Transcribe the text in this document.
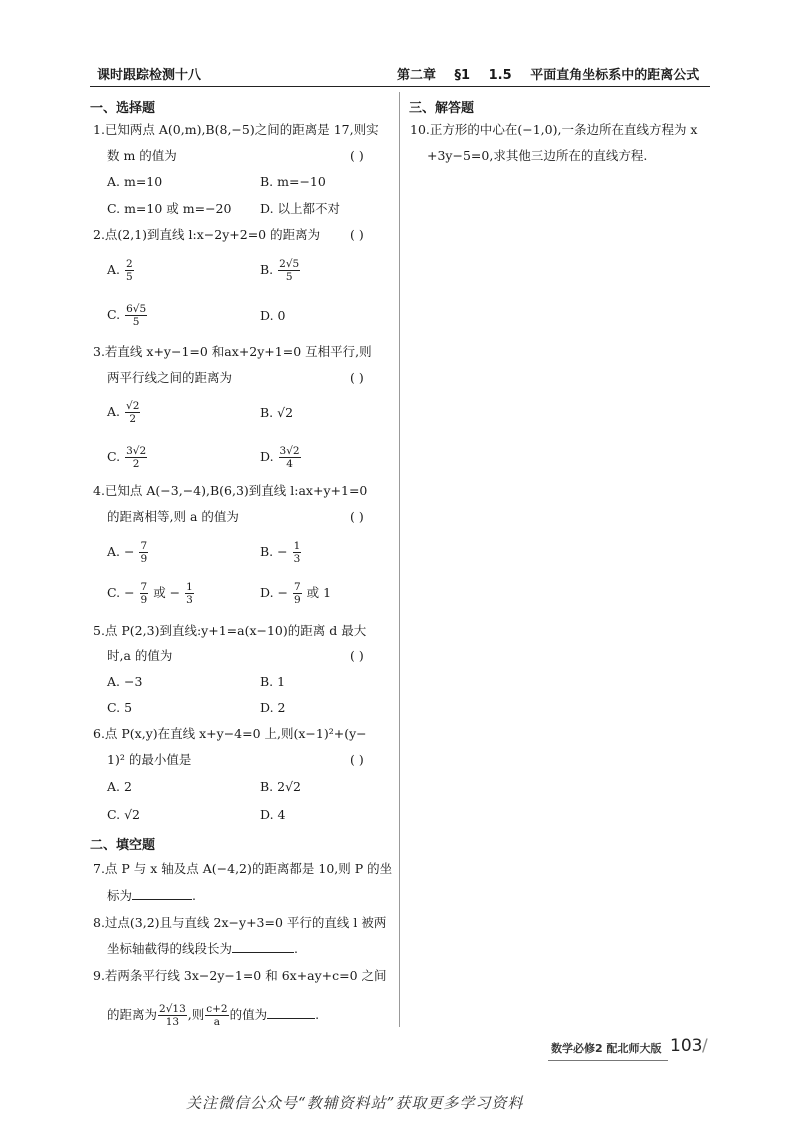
课时跟踪检测十八	第二章 §1 1.5 平面直角坐标系中的距离公式
一、选择题
1.已知两点 A(0,m),B(8,−5)之间的距离是 17,则实
数 m 的值为	( )
A. m=10	B. m=−10
C. m=10 或 m=−20 D. 以上都不对
2.点(2,1)到直线 l:x−2y+2=0 的距离为 ( )
A. $\frac{2}{5}$	B. $\frac{2√5}{5}$
C. $\frac{6√5}{5}$	D. 0
3.若直线 x+y−1=0 和ax+2y+1=0 互相平行,则
两平行线之间的距离为	( )
A. $\frac{√2}{2}$	B. √2
C. $\frac{3√2}{2}$	D. $\frac{3√2}{4}$
4.已知点 A(−3,−4),B(6,3)到直线 l:ax+y+1=0
的距离相等,则 a 的值为	( )
A. − $\frac{7}{9}$	B. − $\frac{1}{3}$
C. − $\frac{7}{9}$ 或 − $\frac{1}{3}$	D. − $\frac{7}{9}$ 或 1
5.点 P(2,3)到直线:y+1=a(x−10)的距离 d 最大
时,a 的值为	( )
A. −3	B. 1
C. 5	D. 2
6.点 P(x,y)在直线 x+y−4=0 上,则(x−1)²+(y−
1)² 的最小值是	( )
A. 2	B. 2√2
C. √2	D. 4
二、填空题
7.点 P 与 x 轴及点 A(−4,2)的距离都是 10,则 P 的坐
标为	.
8.过点(3,2)且与直线 2x−y+3=0 平行的直线 l 被两
坐标轴截得的线段长为	.
9.若两条平行线 3x−2y−1=0 和 6x+ay+c=0 之间
的距离为 $\frac{2√13}{13}$ ,则 $\frac{c+2}{a}$ 的值为	.
三、解答题
10.正方形的中心在(−1,0),一条边所在直线方程为 x
+3y−5=0,求其他三边所在的直线方程.
数学必修2 配北师大版 103 /
关注微信公众号“教辅资料站”获取更多学习资料
